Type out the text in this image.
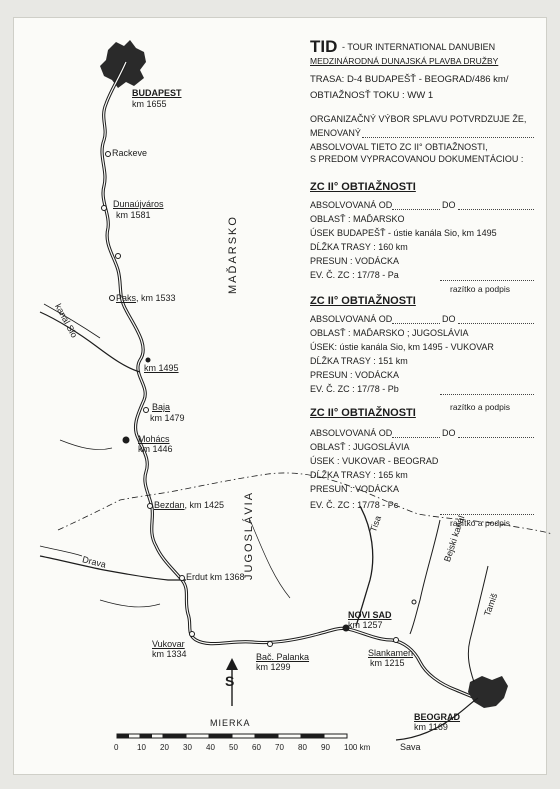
BUDAPEST
km 1655
Rackeve
Dunaújváros
km 1581
Paks, km 1533
MAĎARSKO
kanál Sio
km 1495
Baja
km 1479
Mohács
km 1446
Bezdan, km 1425 JUGOSLÁVIA
Erdut km 1368
Drava
Tisa	Bejski kanál
Tamiš
NOVI SAD
km 1257
Vukovar
km 1334	Bač. Palanka
km 1299
Slankamen
km 1215
BEOGRAD
km 1169
Sava
S
MIERKA
0 10 20 30 40 50 60 70 80 90 100 km
TID - TOUR INTERNATIONAL DANUBIEN
MEDZINÁRODNÁ DUNAJSKÁ PLAVBA DRUŽBY
TRASA: D-4 BUDAPEŠŤ - BEOGRAD/486 km/
OBTIAŽNOSŤ TOKU : WW 1
ORGANIZAČNÝ VÝBOR SPLAVU POTVRDZUJE ŽE,
MENOVANÝ
ABSOLVOVAL TIETO ZC II° OBTIAŽNOSTI,
S PREDOM VYPRACOVANOU DOKUMENTÁCIOU :
ZC II° OBTIAŽNOSTI
ABSOLVOVANÁ OD	DO
OBLASŤ : MAĎARSKO
ÚSEK BUDAPEŠŤ - ústie kanála Sio, km 1495
DĹŽKA TRASY : 160 km
PRESUN : VODÁCKA
EV. Č. ZC : 17/78 - Pa
razítko a podpis
ZC II° OBTIAŽNOSTI
ABSOLVOVANÁ OD	DO
OBLASŤ : MAĎARSKO ; JUGOSLÁVIA
ÚSEK: ústie kanála Sio, km 1495 - VUKOVAR
DĹŽKA TRASY : 151 km
PRESUN : VODÁCKA
EV. Č. ZC : 17/78 - Pb
razítko a podpis
ZC II° OBTIAŽNOSTI
ABSOLVOVANÁ OD	DO
OBLASŤ : JUGOSLÁVIA
ÚSEK : VUKOVAR - BEOGRAD
DĹŽKA TRASY : 165 km
PRESUN : VODÁCKA
EV. Č. ZC : 17/78 - Pc
razítko a podpis
